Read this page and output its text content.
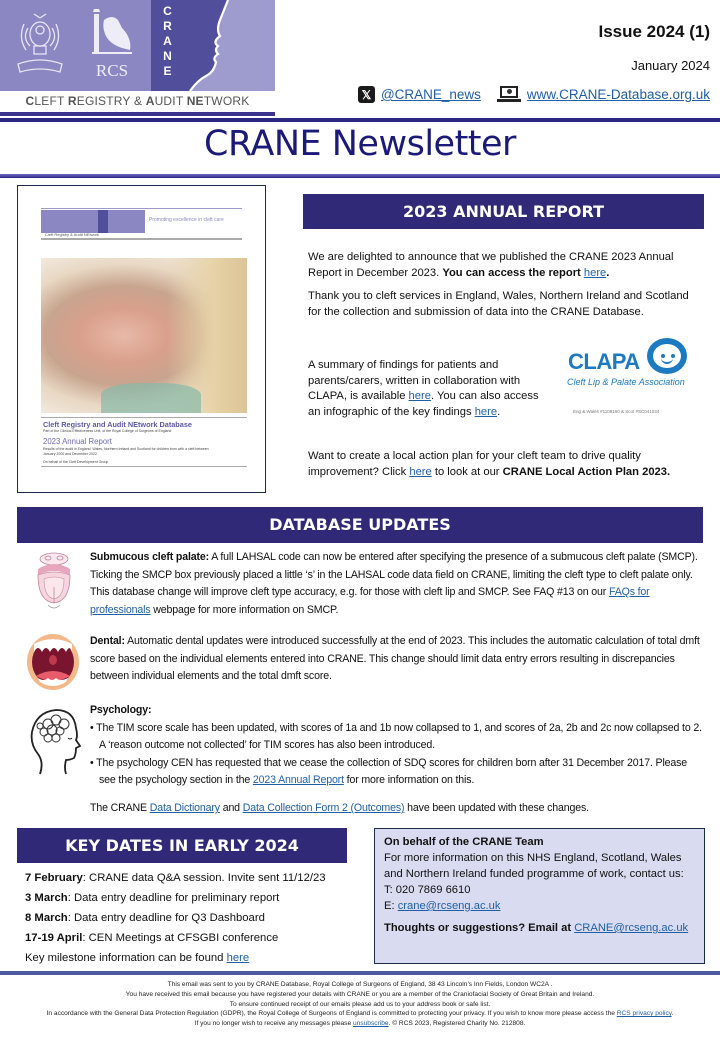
RCS
C
R
A
N
E
CLEFT REGISTRY & AUDIT NETWORK
Issue 2024 (1)
January 2024
𝕏 @CRANE_news	www.CRANE-Database.org.uk
CRANE Newsletter
Cleft Registry & Audit NEtwork
Promoting excellence in cleft care
Cleft Registry and Audit NEtwork Database
Part of the Clinical Effectiveness Unit, of the Royal College of Surgeons of England
2023 Annual Report
Results of the audit in England, Wales, Northern Ireland and Scotland for children born with a cleft between January 2000 and December 2022
On behalf of the Cleft Development Group
2023 ANNUAL REPORT
We are delighted to announce that we published the CRANE 2023 Annual Report in December 2023. You can access the report here.
Thank you to cleft services in England, Wales, Northern Ireland and Scotland for the collection and submission of data into the CRANE Database.
A summary of findings for patients and parents/carers, written in collaboration with CLAPA, is available here. You can also access an infographic of the key findings here.
CLAPA
Cleft Lip & Palate Association
Eng & Wales #1108160 & Scot #SC041034
Want to create a local action plan for your cleft team to drive quality improvement? Click here to look at our CRANE Local Action Plan 2023.
DATABASE UPDATES
Submucous cleft palate: A full LAHSAL code can now be entered after specifying the presence of a submucous cleft palate (SMCP). Ticking the SMCP box previously placed a little ‘s’ in the LAHSAL code data field on CRANE, limiting the cleft type to cleft palate only. This database change will improve cleft type accuracy, e.g. for those with cleft lip and SMCP. See FAQ #13 on our FAQs for professionals webpage for more information on SMCP.
Dental: Automatic dental updates were introduced successfully at the end of 2023. This includes the automatic calculation of total dmft score based on the individual elements entered into CRANE. This change should limit data entry errors resulting in discrepancies between individual elements and the total dmft score.
Psychology:
• The TIM score scale has been updated, with scores of 1a and 1b now collapsed to 1, and scores of 2a, 2b and 2c now collapsed to 2. A ‘reason outcome not collected’ for TIM scores has also been introduced.
• The psychology CEN has requested that we cease the collection of SDQ scores for children born after 31 December 2017. Please see the psychology section in the 2023 Annual Report for more information on this.
The CRANE Data Dictionary and Data Collection Form 2 (Outcomes) have been updated with these changes.
KEY DATES IN EARLY 2024
7 February: CRANE data Q&A session. Invite sent 11/12/23
3 March: Data entry deadline for preliminary report
8 March: Data entry deadline for Q3 Dashboard
17-19 April: CEN Meetings at CFSGBI conference
Key milestone information can be found here
On behalf of the CRANE Team
For more information on this NHS England, Scotland, Wales and Northern Ireland funded programme of work, contact us:
T: 020 7869 6610
E: crane@rcseng.ac.uk
Thoughts or suggestions? Email at CRANE@rcseng.ac.uk
This email was sent to you by CRANE Database, Royal College of Surgeons of England, 38 43 Lincoln’s Inn Fields, London WC2A .
You have received this email because you have registered your details with CRANE or you are a member of the Craniofacial Society of Great Britain and Ireland.
To ensure continued receipt of our emails please add us to your address book or safe list.
In accordance with the General Data Protection Regulation (GDPR), the Royal College of Surgeons of England is committed to protecting your privacy. If you wish to know more please access the RCS privacy policy.
If you no longer wish to receive any messages please unsubscribe. © RCS 2023, Registered Charity No. 212808.
